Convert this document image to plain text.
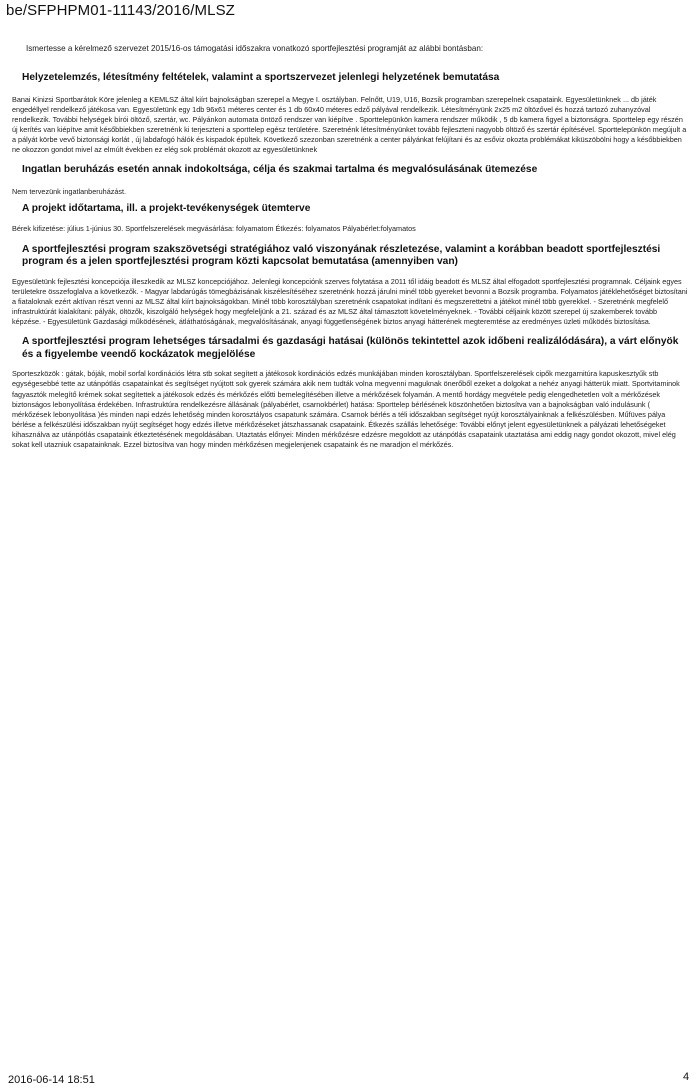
be/SFPHPM01-11143/2016/MLSZ

Ismertesse a kérelmező szervezet 2015/16-os támogatási időszakra vonatkozó sportfejlesztési programját az alábbi bontásban:

Helyzetelemzés, létesítmény feltételek, valamint a sportszervezet jelenlegi helyzetének bemutatása

Banai Kinizsi Sportbarátok Köre jelenleg a KEMLSZ által kiírt bajnokságban szerepel a Megye I. osztályban. Felnőtt, U19, U16, Bozsik programban szerepelnek csapataink. Egyesületünknek ... db játék engedéllyel rendelkező játékosa van. Egyesületünk egy 1db 96x61 méteres center és 1 db 60x40 méteres edző pályával rendelkezik. Létesítményünk 2x25 m2 öltözővel és hozzá tartozó zuhanyzóval rendelkezik. További helységek bírói öltöző, szertár, wc. Pályánkon automata öntöző rendszer van kiépítve . Sporttelepünkön kamera rendszer működik , 5 db kamera figyel a biztonságra. Sporttelep egy részén új kerítés van kiépítve amit későbbiekben szeretnénk ki terjeszteni a sporttelep egész területére. Szeretnénk létesítményünket tovább fejleszteni nagyobb öltöző és szertár építésével. Sporttelepünkön megújult a a pályát körbe vevő biztonsági korlát , új labdafogó hálók és kispadok épültek. Következő szezonban szeretnénk a center pályánkat felújítani és az esőviz okozta problémákat kiküszöbölni hogy a későbbiekben ne okozzon gondot mivel az elmúlt években ez elég sok problémát okozott az egyesületünknek

Ingatlan beruházás esetén annak indokoltsága, célja és szakmai tartalma és megvalósulásának ütemezése

Nem tervezünk ingatlanberuházást.

A projekt időtartama, ill. a projekt-tevékenységek ütemterve

Bérek kifizetése: július 1-június 30. Sportfelszerelések megvásárlása: folyamatom Étkezés: folyamatos Pályabérlet:folyamatos

A sportfejlesztési program szakszövetségi stratégiához való viszonyának részletezése, valamint a korábban beadott sportfejlesztési program és a jelen sportfejlesztési program közti kapcsolat bemutatása (amennyiben van)

Egyesületünk fejlesztési koncepciója illeszkedik az MLSZ koncepciójához. Jelenlegi koncepciónk szerves folytatása a 2011 től idáig beadott és MLSZ által elfogadott sportfejlesztési programnak. Céljaink egyes területekre összefoglalva a következők. - Magyar labdarúgás tömegbázisának kiszélesítéséhez szeretnénk hozzá járulni minél több gyereket bevonni a Bozsik programba. Folyamatos játéklehetőséget biztosítani a fiataloknak ezért aktívan részt venni az MLSZ által kiírt bajnokságokban. Minél több korosztályban szeretnénk csapatokat indítani és megszerettetni a játékot minél több gyerekkel. - Szeretnénk megfelelő infrastruktúrát kialakítani: pályák, öltözők, kiszolgáló helységek hogy megfeleljünk a 21. század és az MLSZ által támasztott követelményeknek. - További céljaink között szerepel új szakemberek tovább képzése. - Egyesületünk Gazdasági működésének, átláthatóságának, megvalósításának, anyagi függetlenségének biztos anyagi hátterének megteremtése az eredményes üzleti működés biztosítása.

A sportfejlesztési program lehetséges társadalmi és gazdasági hatásai (különös tekintettel azok időbeni realizálódására), a várt előnyök és a figyelembe veendő kockázatok megjelölése

Sporteszközök : gátak, bóják, mobil sorfal kordinációs létra stb sokat segített a játékosok kordinációs edzés munkájában minden korosztályban. Sportfelszerelések cipők mezgarnitúra kapuskesztyűk stb egységesebbé tette az utánpótlás csapatainkat és segítséget nyújtott sok gyerek számára akik nem tudták volna megvenni maguknak önerőből ezeket a dolgokat a nehéz anyagi hátterük miatt. Sportvitaminok fagyasztók melegítő krémek sokat segítettek a játékosok edzés és mérkőzés előtti bemelegítésében illetve a mérkőzések folyamán. A mentő hordágy megvétele pedig elengedhetetlen volt a mérkőzések biztonságos lebonyolítása érdekében. Infrastruktúra rendelkezésre állásának (pályabérlet, csarnokbérlet) hatása: Sporttelep bérlésének köszönhetően biztosítva van a bajnokságban való indulásunk ( mérkőzések lebonyolítása )és minden napi edzés lehetőség minden korosztályos csapatunk számára. Csarnok bérlés a téli időszakban segítséget nyújt korosztályainknak a felkészülésben. Műfüves pálya bérlése a felkészülési időszakban nyújt segítséget hogy edzés illetve mérkőzéseket játszhassanak csapataink. Étkezés szállás lehetősége: További előnyt jelent egyesületünknek a pályázati lehetőségeket kihasználva az utánpótlás csapataink étkeztetésének megoldásában. Utaztatás előnyei: Minden mérkőzésre edzésre megoldott az utánpótlás csapataink utaztatása ami eddig nagy gondot okozott, mivel elég sokat kell utazniuk csapatainknak. Ezzel biztosítva van hogy minden mérkőzésen megjelenjenek csapataink és ne maradjon el mérkőzés.

2016-06-14 18:51	4
